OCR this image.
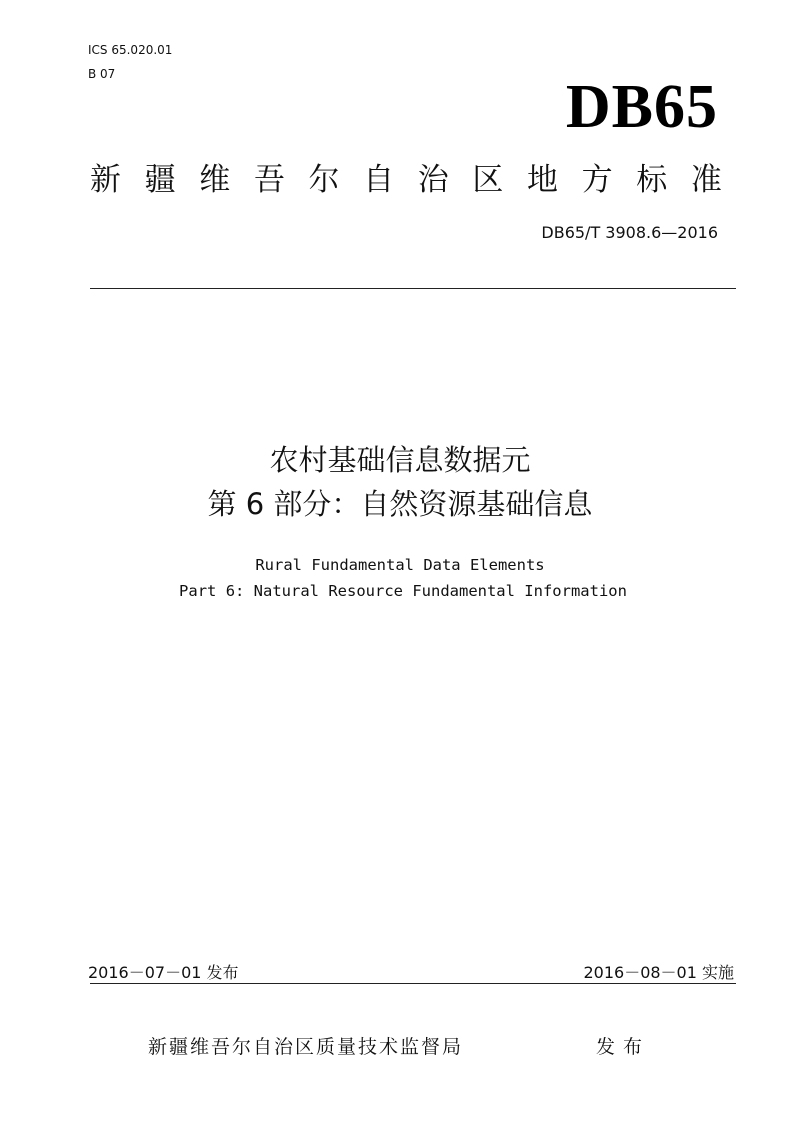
ICS 65.020.01
B 07	DB65
新 疆 维 吾 尔 自 治 区 地 方 标 准
DB65/T 3908.6—2016
农村基础信息数据元
第 6 部分：自然资源基础信息
Rural Fundamental Data Elements
Part 6: Natural Resource Fundamental Information
2016－07－01 发布	2016－08－01 实施
新疆维吾尔自治区质量技术监督局	发布
